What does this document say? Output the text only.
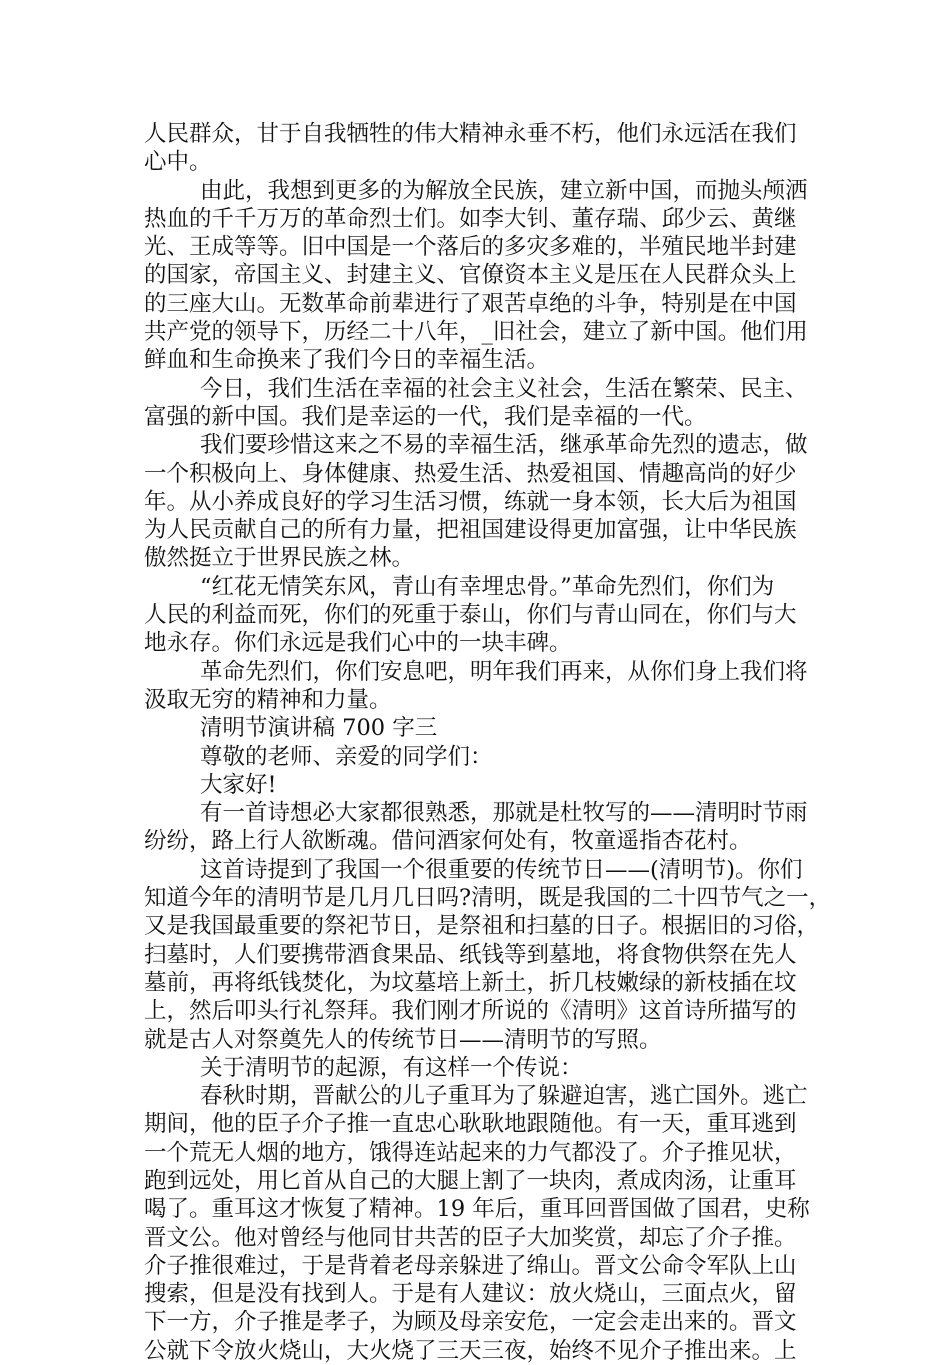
人民群众，甘于自我牺牲的伟大精神永垂不朽，他们永远活在我们
心中。
由此，我想到更多的为解放全民族，建立新中国，而抛头颅洒
热血的千千万万的革命烈士们。如李大钊、董存瑞、邱少云、黄继
光、王成等等。旧中国是一个落后的多灾多难的，半殖民地半封建
的国家，帝国主义、封建主义、官僚资本主义是压在人民群众头上
的三座大山。无数革命前辈进行了艰苦卓绝的斗争，特别是在中国
共产党的领导下，历经二十八年，_旧社会，建立了新中国。他们用
鲜血和生命换来了我们今日的幸福生活。
今日，我们生活在幸福的社会主义社会，生活在繁荣、民主、
富强的新中国。我们是幸运的一代，我们是幸福的一代。
我们要珍惜这来之不易的幸福生活，继承革命先烈的遗志，做
一个积极向上、身体健康、热爱生活、热爱祖国、情趣高尚的好少
年。从小养成良好的学习生活习惯，练就一身本领，长大后为祖国
为人民贡献自己的所有力量，把祖国建设得更加富强，让中华民族
傲然挺立于世界民族之林。
“红花无情笑东风，青山有幸埋忠骨。”革命先烈们，你们为
人民的利益而死，你们的死重于泰山，你们与青山同在，你们与大
地永存。你们永远是我们心中的一块丰碑。
革命先烈们，你们安息吧，明年我们再来，从你们身上我们将
汲取无穷的精神和力量。
清明节演讲稿 700 字三
尊敬的老师、亲爱的同学们：
大家好!
有一首诗想必大家都很熟悉，那就是杜牧写的——清明时节雨
纷纷，路上行人欲断魂。借问酒家何处有，牧童遥指杏花村。
这首诗提到了我国一个很重要的传统节日——(清明节)。你们
知道今年的清明节是几月几日吗?清明，既是我国的二十四节气之一，
又是我国最重要的祭祀节日，是祭祖和扫墓的日子。根据旧的习俗，
扫墓时，人们要携带酒食果品、纸钱等到墓地，将食物供祭在先人
墓前，再将纸钱焚化，为坟墓培上新土，折几枝嫩绿的新枝插在坟
上，然后叩头行礼祭拜。我们刚才所说的《清明》这首诗所描写的
就是古人对祭奠先人的传统节日——清明节的写照。
关于清明节的起源，有这样一个传说：
春秋时期，晋献公的儿子重耳为了躲避迫害，逃亡国外。逃亡
期间，他的臣子介子推一直忠心耿耿地跟随他。有一天，重耳逃到
一个荒无人烟的地方，饿得连站起来的力气都没了。介子推见状，
跑到远处，用匕首从自己的大腿上割了一块肉，煮成肉汤，让重耳
喝了。重耳这才恢复了精神。19 年后，重耳回晋国做了国君，史称
晋文公。他对曾经与他同甘共苦的臣子大加奖赏，却忘了介子推。
介子推很难过，于是背着老母亲躲进了绵山。晋文公命令军队上山
搜索，但是没有找到人。于是有人建议：放火烧山，三面点火，留
下一方，介子推是孝子，为顾及母亲安危，一定会走出来的。晋文
公就下令放火烧山，大火烧了三天三夜，始终不见介子推出来。上
